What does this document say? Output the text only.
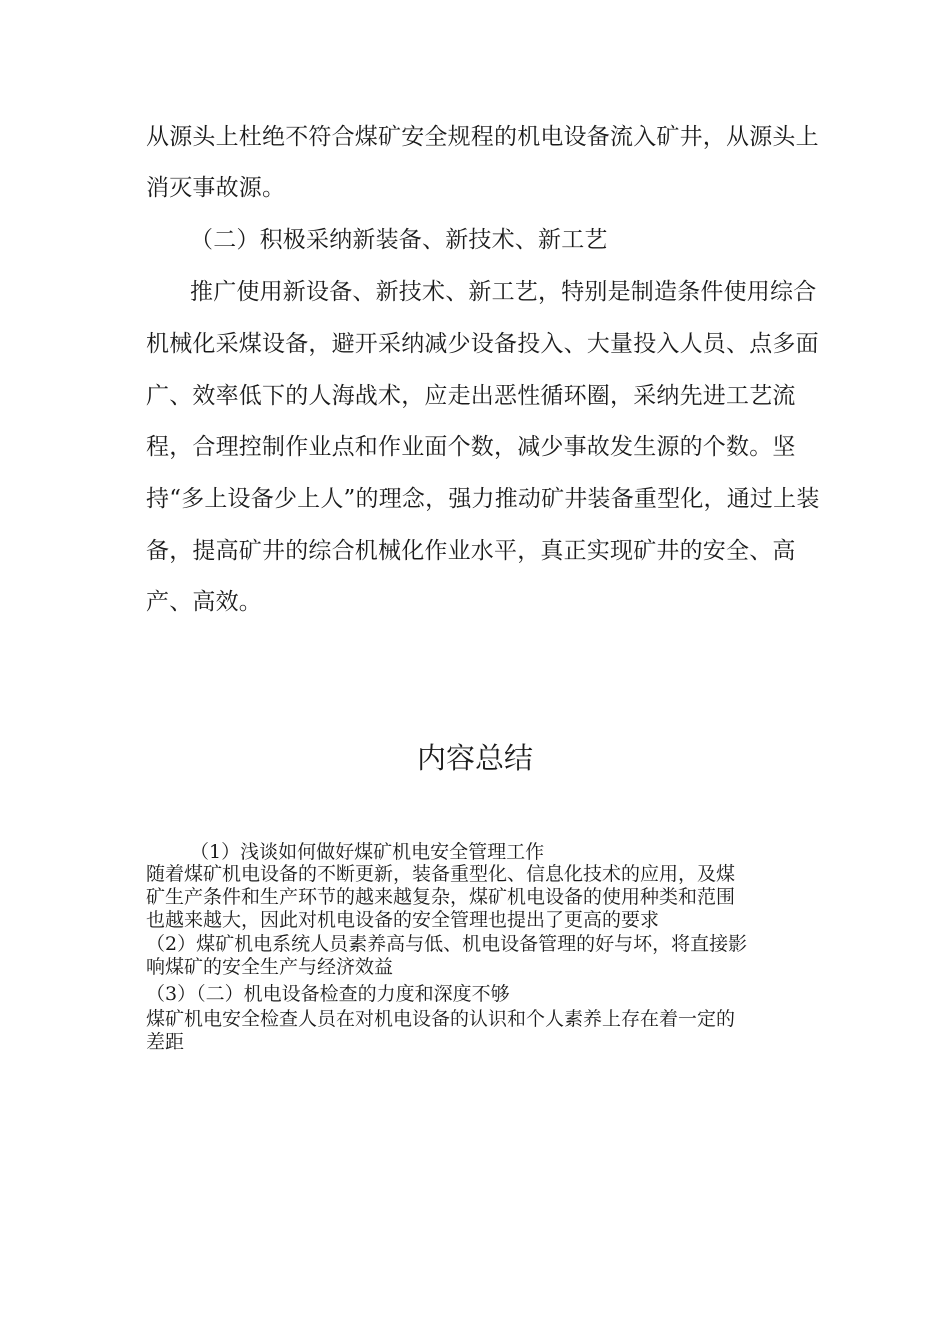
从源头上杜绝不符合煤矿安全规程的机电设备流入矿井，从源头上
消灭事故源。
（二）积极采纳新装备、新技术、新工艺
推广使用新设备、新技术、新工艺，特别是制造条件使用综合
机械化采煤设备，避开采纳减少设备投入、大量投入人员、点多面
广、效率低下的人海战术，应走出恶性循环圈，采纳先进工艺流
程，合理控制作业点和作业面个数，减少事故发生源的个数。坚
持“多上设备少上人”的理念，强力推动矿井装备重型化，通过上装
备，提高矿井的综合机械化作业水平，真正实现矿井的安全、高
产、高效。
内容总结
（1）浅谈如何做好煤矿机电安全管理工作
随着煤矿机电设备的不断更新，装备重型化、信息化技术的应用，及煤
矿生产条件和生产环节的越来越复杂，煤矿机电设备的使用种类和范围
也越来越大，因此对机电设备的安全管理也提出了更高的要求
（2）煤矿机电系统人员素养高与低、机电设备管理的好与坏，将直接影
响煤矿的安全生产与经济效益
（3）（二）机电设备检查的力度和深度不够
煤矿机电安全检查人员在对机电设备的认识和个人素养上存在着一定的
差距
